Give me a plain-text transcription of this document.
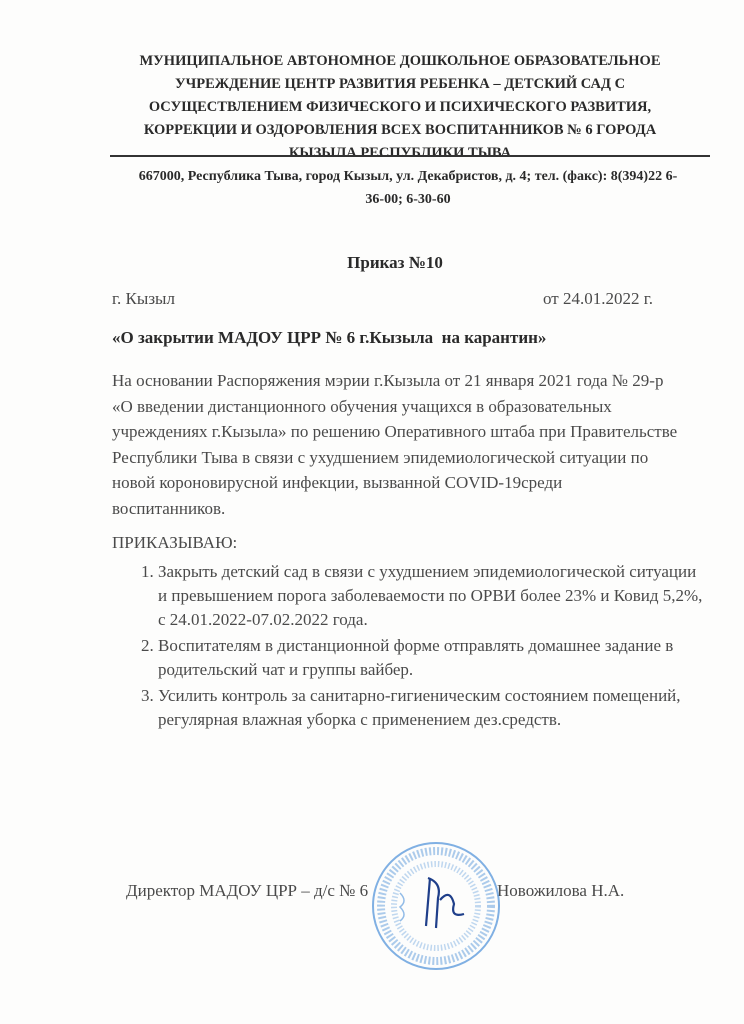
МУНИЦИПАЛЬНОЕ АВТОНОМНОЕ ДОШКОЛЬНОЕ ОБРАЗОВАТЕЛЬНОЕ
УЧРЕЖДЕНИЕ ЦЕНТР РАЗВИТИЯ РЕБЕНКА – ДЕТСКИЙ САД С
ОСУЩЕСТВЛЕНИЕМ ФИЗИЧЕСКОГО И ПСИХИЧЕСКОГО РАЗВИТИЯ,
КОРРЕКЦИИ И ОЗДОРОВЛЕНИЯ ВСЕХ ВОСПИТАННИКОВ № 6 ГОРОДА
КЫЗЫЛА РЕСПУБЛИКИ ТЫВА
667000, Республика Тыва, город Кызыл, ул. Декабристов, д. 4; тел. (факс): 8(394)22 6-
36-00; 6-30-60
Приказ №10
г. Кызыл	от 24.01.2022 г.
«О закрытии МАДОУ ЦРР № 6 г.Кызыла  на карантин»
На основании Распоряжения мэрии г.Кызыла от 21 января 2021 года № 29-р
«О введении дистанционного обучения учащихся в образовательных
учреждениях г.Кызыла» по решению Оперативного штаба при Правительстве
Республики Тыва в связи с ухудшением эпидемиологической ситуации по
новой короновирусной инфекции, вызванной COVID-19среди
воспитанников.
ПРИКАЗЫВАЮ:
1. Закрыть детский сад в связи с ухудшением эпидемиологической ситуации и превышением порога заболеваемости по ОРВИ более 23% и Ковид 5,2%, с 24.01.2022-07.02.2022 года.
2. Воспитателям в дистанционной форме отправлять домашнее задание в родительский чат и группы вайбер.
3. Усилить контроль за санитарно-гигиеническим состоянием помещений, регулярная влажная уборка с применением дез.средств.
Директор МАДОУ ЦРР – д/с № 6	Новожилова Н.А.
